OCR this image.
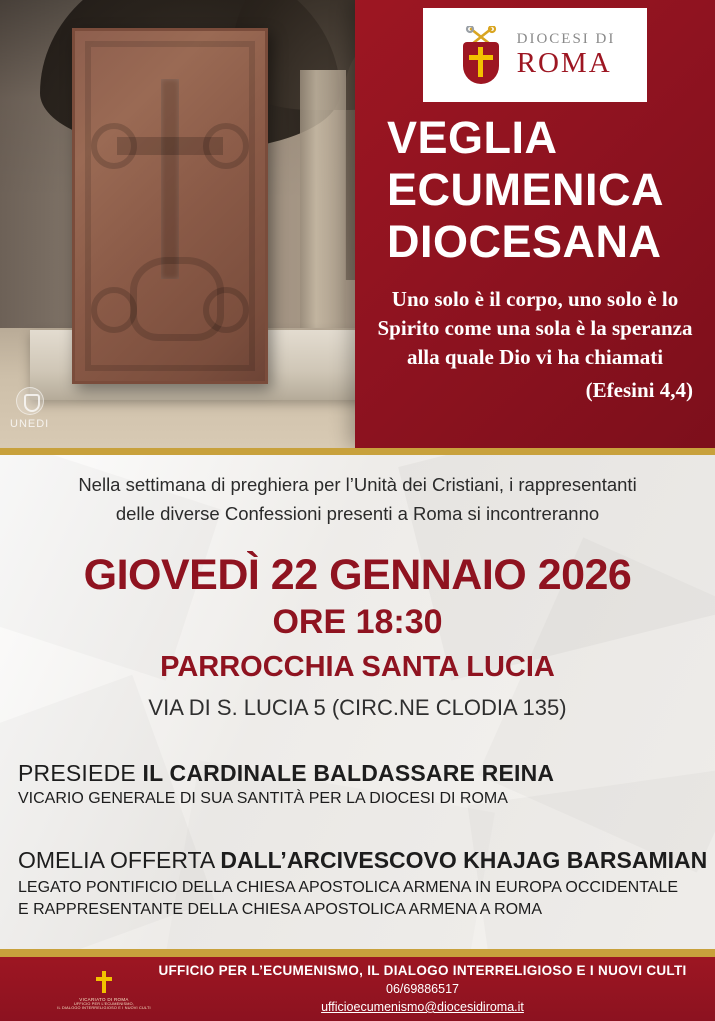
UNEDI
DIOCESI DI
ROMA
VEGLIA
ECUMENICA
DIOCESANA
Uno solo è il corpo, uno solo è lo Spirito come una sola è la speranza alla quale Dio vi ha chiamati
(Efesini 4,4)
Nella settimana di preghiera per l’Unità dei Cristiani, i rappresentanti
delle diverse Confessioni presenti a Roma si incontreranno
GIOVEDÌ 22 GENNAIO 2026
ORE 18:30
PARROCCHIA SANTA LUCIA
VIA DI S. LUCIA 5 (CIRC.NE CLODIA 135)
PRESIEDE IL CARDINALE BALDASSARE REINA
VICARIO GENERALE DI SUA SANTITÀ PER LA DIOCESI DI ROMA
OMELIA OFFERTA DALL’ARCIVESCOVO KHAJAG BARSAMIAN
LEGATO PONTIFICIO DELLA CHIESA APOSTOLICA ARMENA IN EUROPA OCCIDENTALE
E RAPPRESENTANTE DELLA CHIESA APOSTOLICA ARMENA A ROMA
VICARIATO DI ROMA
UFFICIO PER L’ECUMENISMO,
IL DIALOGO INTERRELIGIOSO E I NUOVI CULTI
UFFICIO PER L’ECUMENISMO, IL DIALOGO INTERRELIGIOSO E I NUOVI CULTI
06/69886517
ufficioecumenismo@diocesidiroma.it
